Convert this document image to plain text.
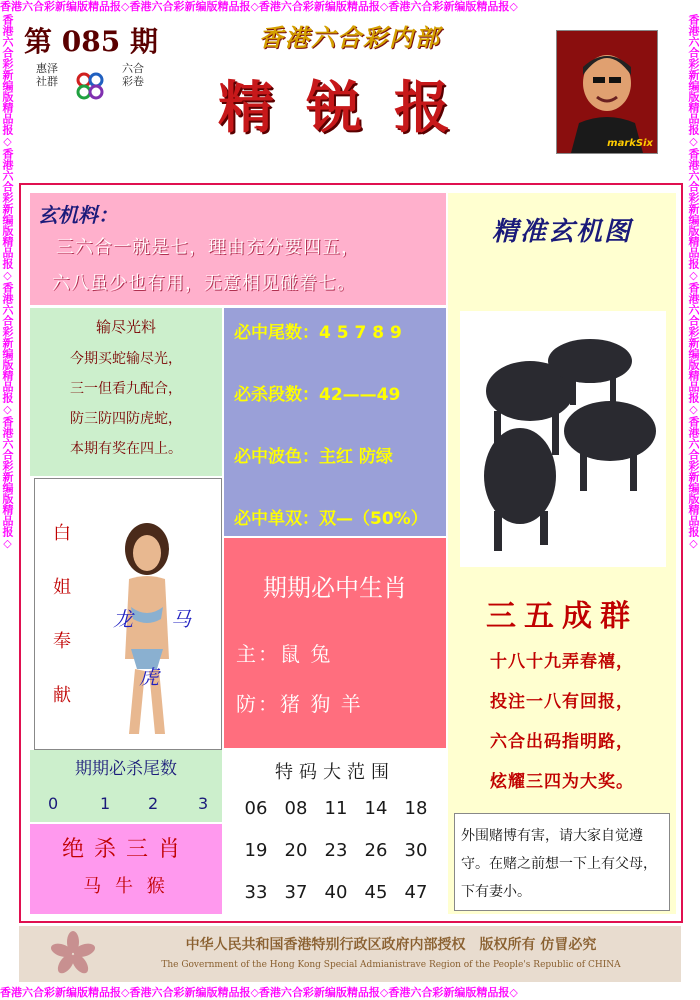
香港六合彩新编版精品报◇香港六合彩新编版精品报◇香港六合彩新编版精品报◇香港六合彩新编版精品报◇
香港六合彩新编版精品报◇香港六合彩新编版精品报◇香港六合彩新编版精品报◇香港六合彩新编版精品报◇
香港六合彩新编版精品报◇香港六合彩新编版精品报◇香港六合彩新编版精品报◇香港六合彩新编版精品报◇	香港六合彩新编版精品报◇香港六合彩新编版精品报◇香港六合彩新编版精品报◇香港六合彩新编版精品报◇
第 085 期
惠泽社群
六合彩卷
香港六合彩内部
精锐报
markSix
玄机料：
三六合一就是七，理由充分要四五，
六八虽少也有用，无意相见碰着七。
输尽光料
今期买蛇输尽光，
三一但看九配合，
防三防四防虎蛇，
本期有奖在四上。
必中尾数：4 5 7 8 9
必杀段数：42——49
必中波色：主红 防绿
必中单双：双—（50%）
白
姐
奉
献
龙 马
虎
期期必中生肖
主：鼠 兔
防：猪 狗 羊
期期必杀尾数
0	1 2 3
绝杀三肖
马 牛 猴
特码大范围
06 08 11 14 18
19 20 23 26 30
33 37 40 45 47
精准玄机图
三五成群
十八十九弄春禧，
投注一八有回报，
六合出码指明路，
炫耀三四为大奖。
外围赌博有害，请大家自觉遵守。在赌之前想一下上有父母，下有妻小。
中华人民共和国香港特别行政区政府内部授权　版权所有 仿冒必究
The Government of the Hong Kong Special Admianistrave Region of the People's Republic of CHINA
